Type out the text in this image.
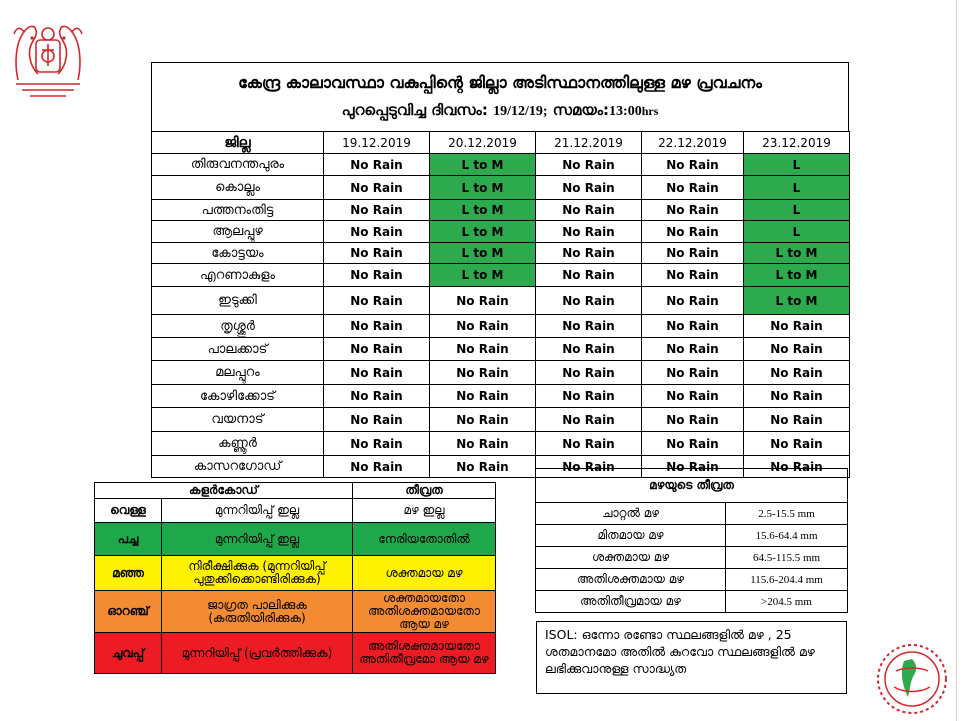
കേന്ദ്ര കാലാവസ്ഥാ വകുപ്പിന്റെ ജില്ലാ അടിസ്ഥാനത്തിലുള്ള മഴ പ്രവചനം
പുറപ്പെടുവിച്ച ദിവസം: 19/12/19; സമയം:13:00hrs
ജില്ല	19.12.2019	20.12.2019	21.12.2019	22.12.2019	23.12.2019
തിരുവനന്തപുരം	No Rain	L to M	No Rain	No Rain	L
കൊല്ലം	No Rain	L to M	No Rain	No Rain	L
പത്തനംതിട്ട	No Rain	L to M	No Rain	No Rain	L
ആലപ്പുഴ	No Rain	L to M	No Rain	No Rain	L
കോട്ടയം	No Rain	L to M	No Rain	No Rain	L to M
എറണാകുളം	No Rain	L to M	No Rain	No Rain	L to M
ഇടുക്കി	No Rain	No Rain	No Rain	No Rain	L to M
തൃശ്ശൂർ	No Rain	No Rain	No Rain	No Rain	No Rain
പാലക്കാട്	No Rain	No Rain	No Rain	No Rain	No Rain
മലപ്പുറം	No Rain	No Rain	No Rain	No Rain	No Rain
കോഴിക്കോട്	No Rain	No Rain	No Rain	No Rain	No Rain
വയനാട്	No Rain	No Rain	No Rain	No Rain	No Rain
കണ്ണൂർ	No Rain	No Rain	No Rain	No Rain	No Rain
കാസറഗോഡ്	No Rain	No Rain	No Rain	No Rain	No Rain
കളർകോഡ്		തീവ്രത
വെള്ള	മുന്നറിയിപ്പ് ഇല്ല	മഴ ഇല്ല
പച്ച	മുന്നറിയിപ്പ് ഇല്ല	നേരിയതോതിൽ
മഞ്ഞ	നിരീക്ഷിക്കുക (മുന്നറിയിപ്പ് പുതുക്കിക്കൊണ്ടിരിക്കുക)	ശക്തമായ മഴ
ഓറഞ്ച്	ജാഗ്രത പാലിക്കുക (കരുതിയിരിക്കുക)	ശക്തമായതോ അതിശക്തമായതോ ആയ മഴ
ചുവപ്പ്	മുന്നറിയിപ്പ് (പ്രവർത്തിക്കുക)	അതിശക്തമായതോ അതിതീവ്രമോ ആയ മഴ
മഴയുടെ തീവ്രത	
ചാറ്റൽ മഴ	2.5-15.5 mm
മിതമായ മഴ	15.6-64.4 mm
ശക്തമായ മഴ	64.5-115.5 mm
അതിശക്തമായ മഴ	115.6-204.4 mm
അതിതീവ്രമായ മഴ	>204.5 mm
ISOL: ഒന്നോ രണ്ടോ സ്ഥലങ്ങളിൽ മഴ , 25 ശതമാനമോ അതിൽ കുറവോ സ്ഥലങ്ങളിൽ മഴ ലഭിക്കുവാനുള്ള സാദ്ധ്യത
